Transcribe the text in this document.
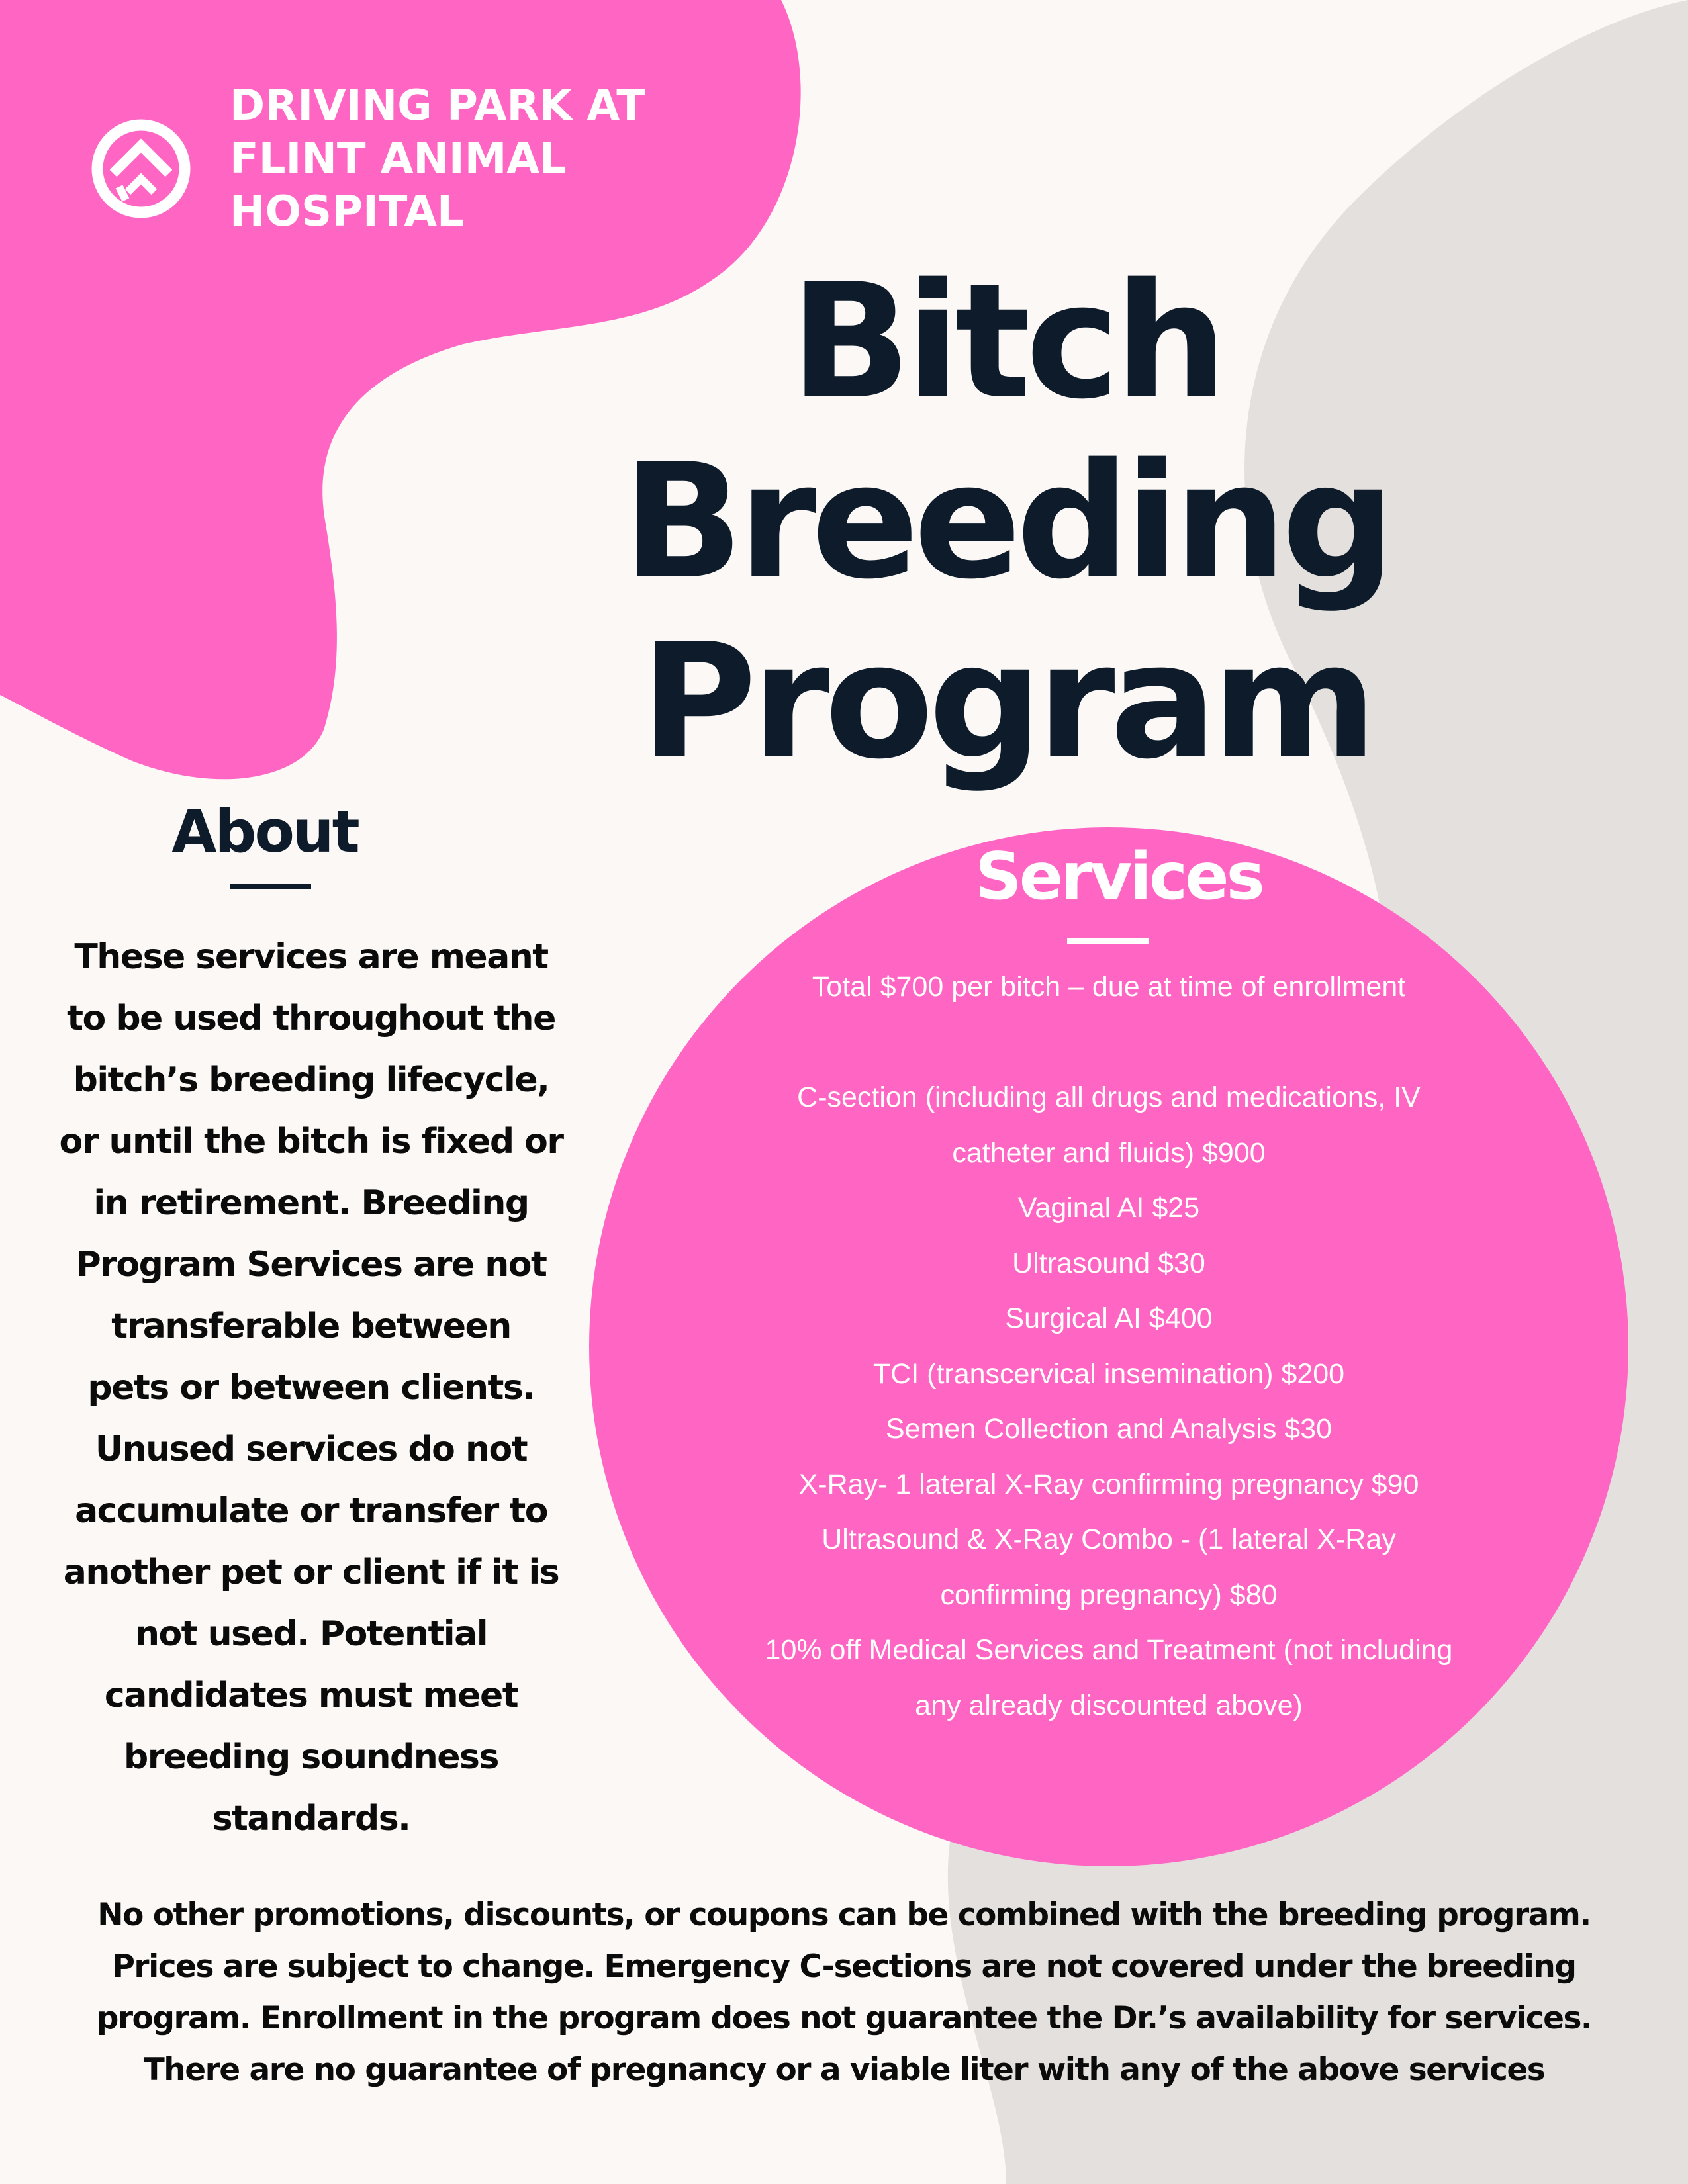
DRIVING PARK AT
FLINT ANIMAL
HOSPITAL
Bitch
Breeding
Program
About
These services are meant
to be used throughout the
bitch’s breeding lifecycle,
or until the bitch is fixed or
in retirement. Breeding
Program Services are not
transferable between
pets or between clients.
Unused services do not
accumulate or transfer to
another pet or client if it is
not used. Potential
candidates must meet
breeding soundness
standards.
Services
Total $700 per bitch – due at time of enrollment
C-section (including all drugs and medications, IV
catheter and fluids) $900
Vaginal AI $25
Ultrasound $30
Surgical AI $400
TCI (transcervical insemination) $200
Semen Collection and Analysis $30
X-Ray- 1 lateral X-Ray confirming pregnancy $90
Ultrasound & X-Ray Combo - (1 lateral X-Ray
confirming pregnancy) $80
10% off Medical Services and Treatment (not including
any already discounted above)
No other promotions, discounts, or coupons can be combined with the breeding program.
Prices are subject to change. Emergency C-sections are not covered under the breeding
program. Enrollment in the program does not guarantee the Dr.’s availability for services.
There are no guarantee of pregnancy or a viable liter with any of the above services
